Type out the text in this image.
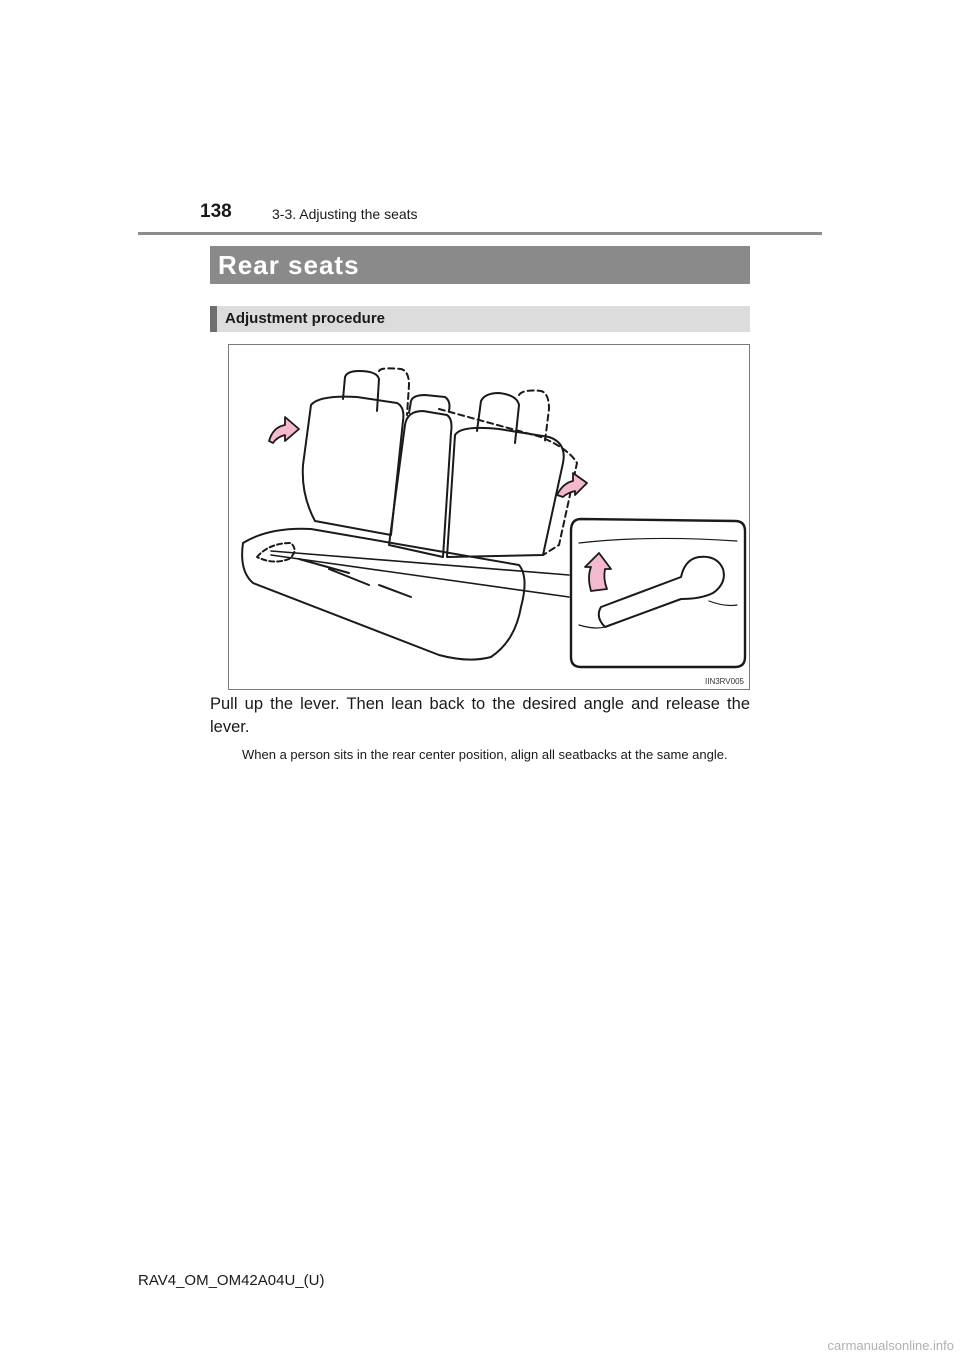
138	3-3. Adjusting the seats
Rear seats
Adjustment procedure
IIN3RV005
Pull up the lever. Then lean back to the desired angle and release the lever.
When a person sits in the rear center position, align all seatbacks at the same angle.
RAV4_OM_OM42A04U_(U)
carmanualsonline.info
